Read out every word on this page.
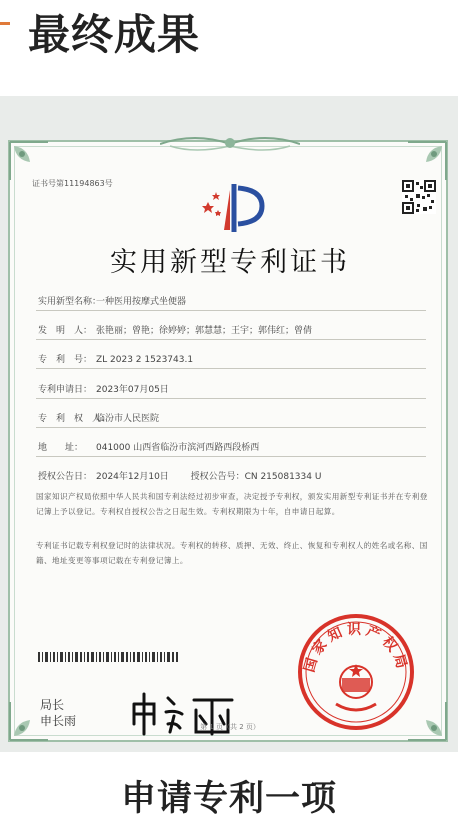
最终成果
证书号第11194863号
实用新型专利证书
实用新型名称：一种医用按摩式坐便器
发　明　人： 张艳丽；曾艳；徐婷婷；郭慧慧；王宇；郭伟红；曾倩
专　利　号： ZL 2023 2 1523743.1
专利申请日： 2023年07月05日
专　利　权　人：临汾市人民医院
地　　址： 041000 山西省临汾市滨河西路西段桥西
授权公告日： 2024年12月10日 授权公告号：CN 215081334 U
国家知识产权局依照中华人民共和国专利法经过初步审查，决定授予专利权，颁发实用新型专利证书并在专利登记簿上予以登记。专利权自授权公告之日起生效。专利权期限为十年，自申请日起算。
专利证书记载专利权登记时的法律状况。专利权的转移、质押、无效、终止、恢复和专利权人的姓名或名称、国籍、地址变更等事项记载在专利登记簿上。
国家知识产权局
局长
申长雨	第 1 页（共 2 页）
申请专利一项
